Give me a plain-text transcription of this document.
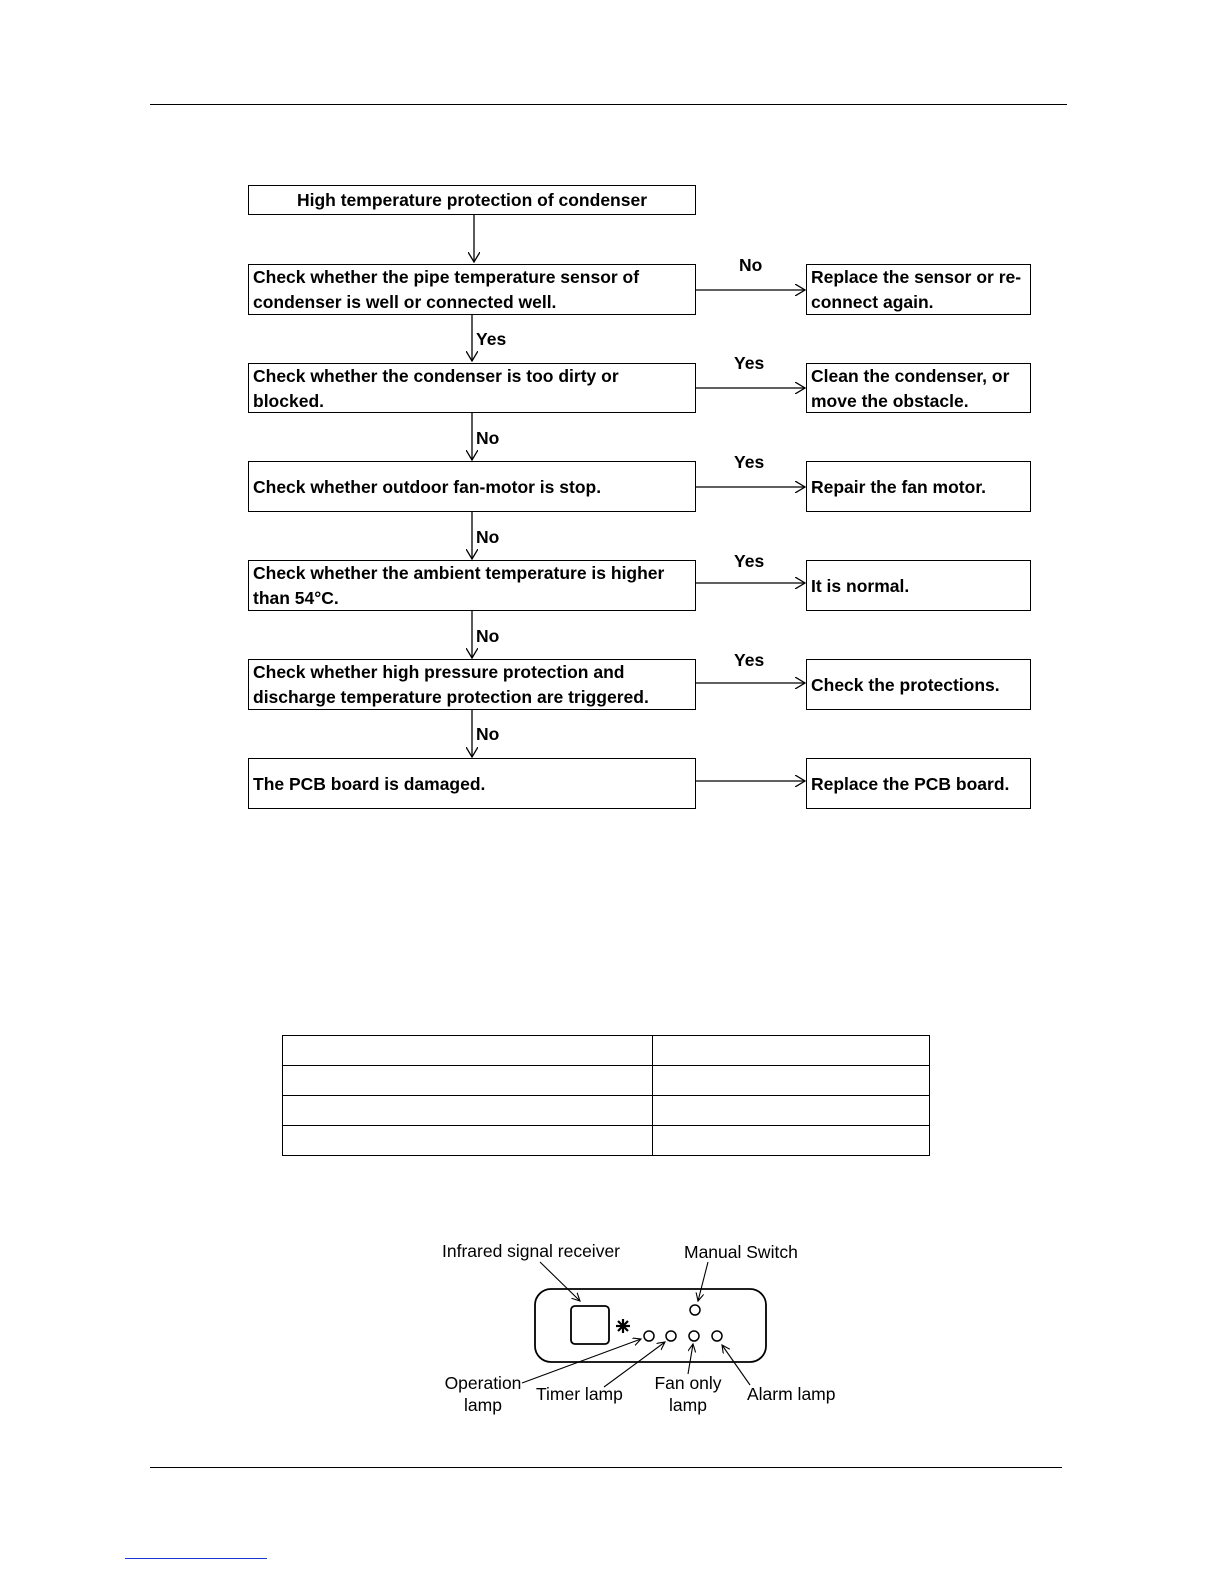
High temperature protection of condenser
Check whether the pipe temperature sensor of condenser is well or connected well.
Replace the sensor or re-connect again.
Check whether the condenser is too dirty or blocked.
Clean the condenser, or move the obstacle.
Check whether outdoor fan-motor is stop.	Repair the fan motor.
Check whether the ambient temperature is higher than 54°C.
It is normal.
Check whether high pressure protection and discharge temperature protection are triggered.
Check the protections.
The PCB board is damaged.	Replace the PCB board.
No
Yes
Yes
Yes
Yes
Yes
No
No
No
No

Infrared signal receiver	Manual Switch
Operation lamp
Timer lamp
Fan only lamp
Alarm lamp
